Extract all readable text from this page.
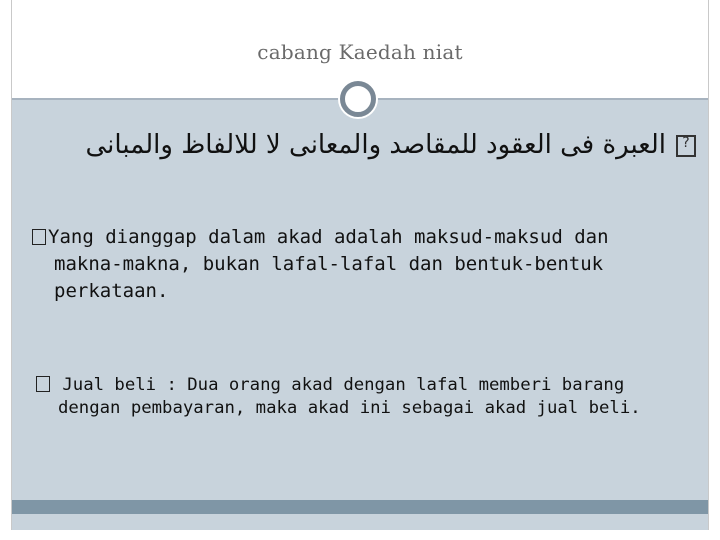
cabang Kaedah niat
?العبرة فى العقود للمقاصد والمعانى لا للالفاظ والمبانى
Yang dianggap dalam akad adalah maksud-maksud dan makna-makna, bukan lafal-lafal dan bentuk-bentuk perkataan.
Jual beli : Dua orang akad dengan lafal memberi barang dengan pembayaran, maka akad ini sebagai akad jual beli.
